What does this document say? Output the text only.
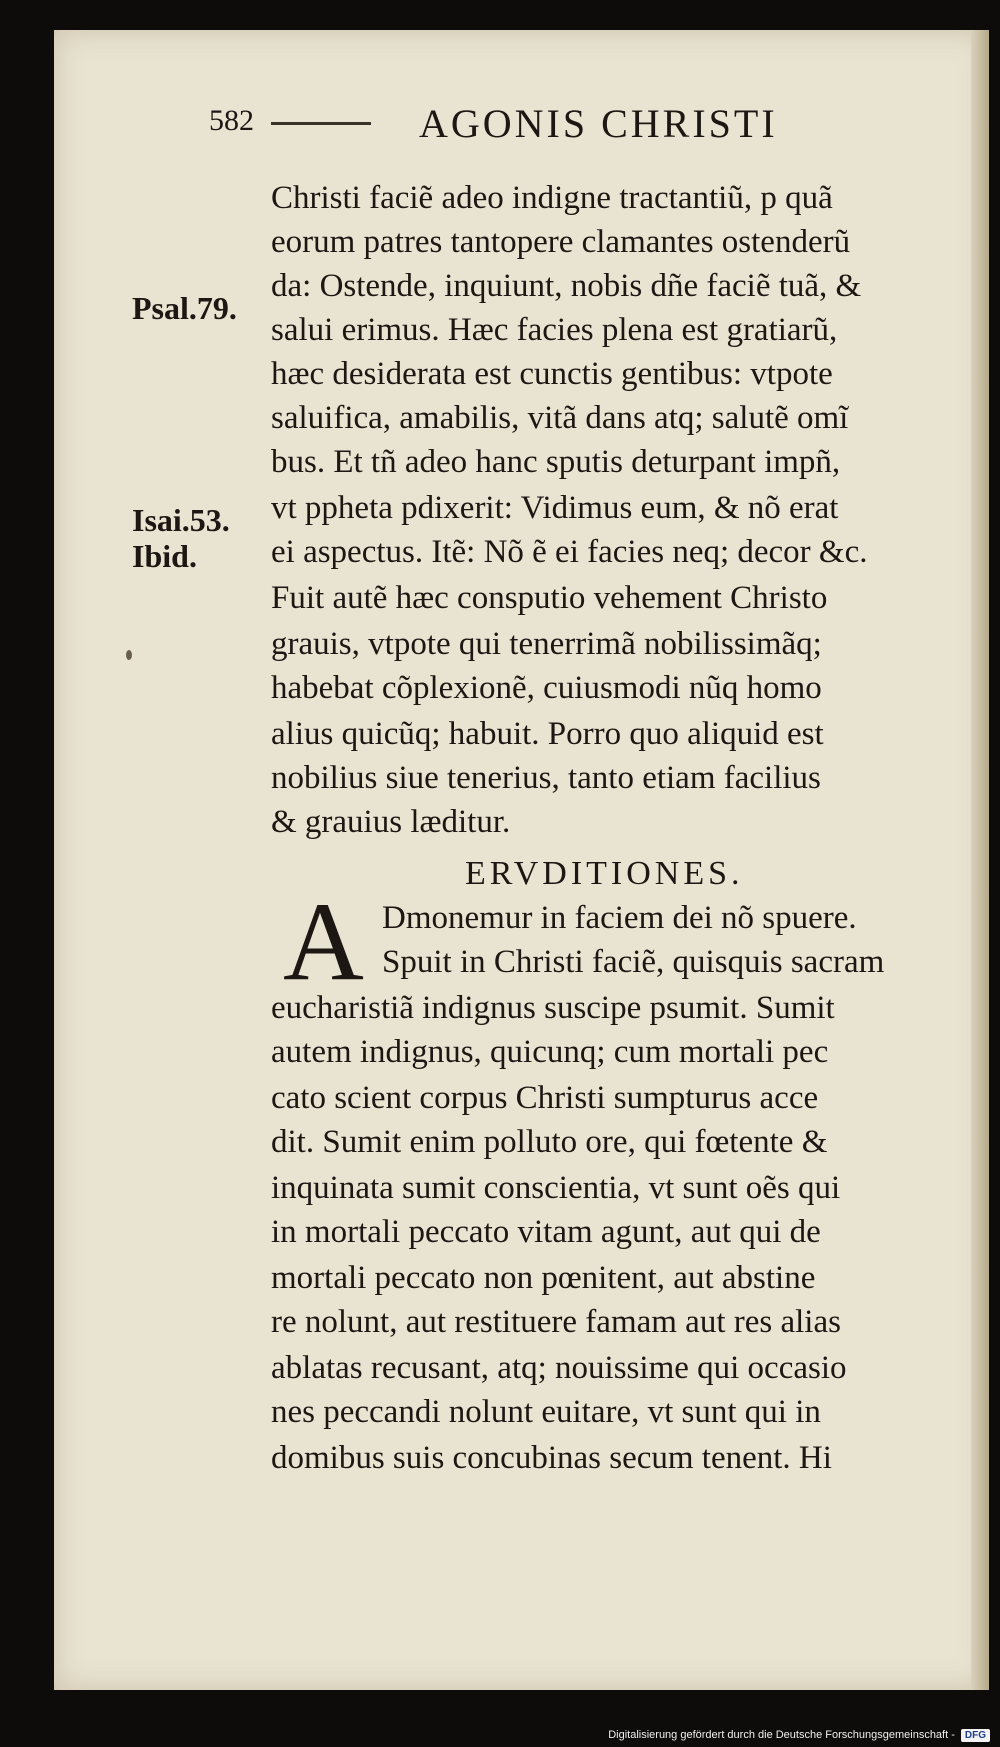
582	AGONIS CHRISTI
Psal.79.
Isai.53.
Ibid.
Christi faciẽ adeo indigne tractantiũ, p quã
eorum patres tantopere clamantes ostenderũ
da: Ostende, inquiunt, nobis dñe faciẽ tuã, &
salui erimus. Hæc facies plena est gratiarũ,
hæc desiderata est cunctis gentibus: vtpote
saluifica, amabilis, vitã dans atq; salutẽ omĩ
bus. Et tñ adeo hanc sputis deturpant impñ,
vt ppheta pdixerit: Vidimus eum, & nõ erat
ei aspectus. Itẽ: Nõ ẽ ei facies neq; decor &c.
Fuit autẽ hæc consputio vehement Christo
grauis, vtpote qui tenerrimã nobilissimãq;
habebat cõplexionẽ, cuiusmodi nũq homo
alius quicũq; habuit. Porro quo aliquid est
nobilius siue tenerius, tanto etiam facilius
& grauius læditur.
ERVDITIONES.
A Dmonemur in faciem dei nõ spuere.
Spuit in Christi faciẽ, quisquis sacram
eucharistiã indignus suscipe psumit. Sumit
autem indignus, quicunq; cum mortali pec
cato scient corpus Christi sumpturus acce
dit. Sumit enim polluto ore, qui fœtente &
inquinata sumit conscientia, vt sunt oẽs qui
in mortali peccato vitam agunt, aut qui de
mortali peccato non pœnitent, aut abstine
re nolunt, aut restituere famam aut res alias
ablatas recusant, atq; nouissime qui occasio
nes peccandi nolunt euitare, vt sunt qui in
domibus suis concubinas secum tenent. Hi
Digitalisierung gefördert durch die Deutsche Forschungsgemeinschaft -	DFG
